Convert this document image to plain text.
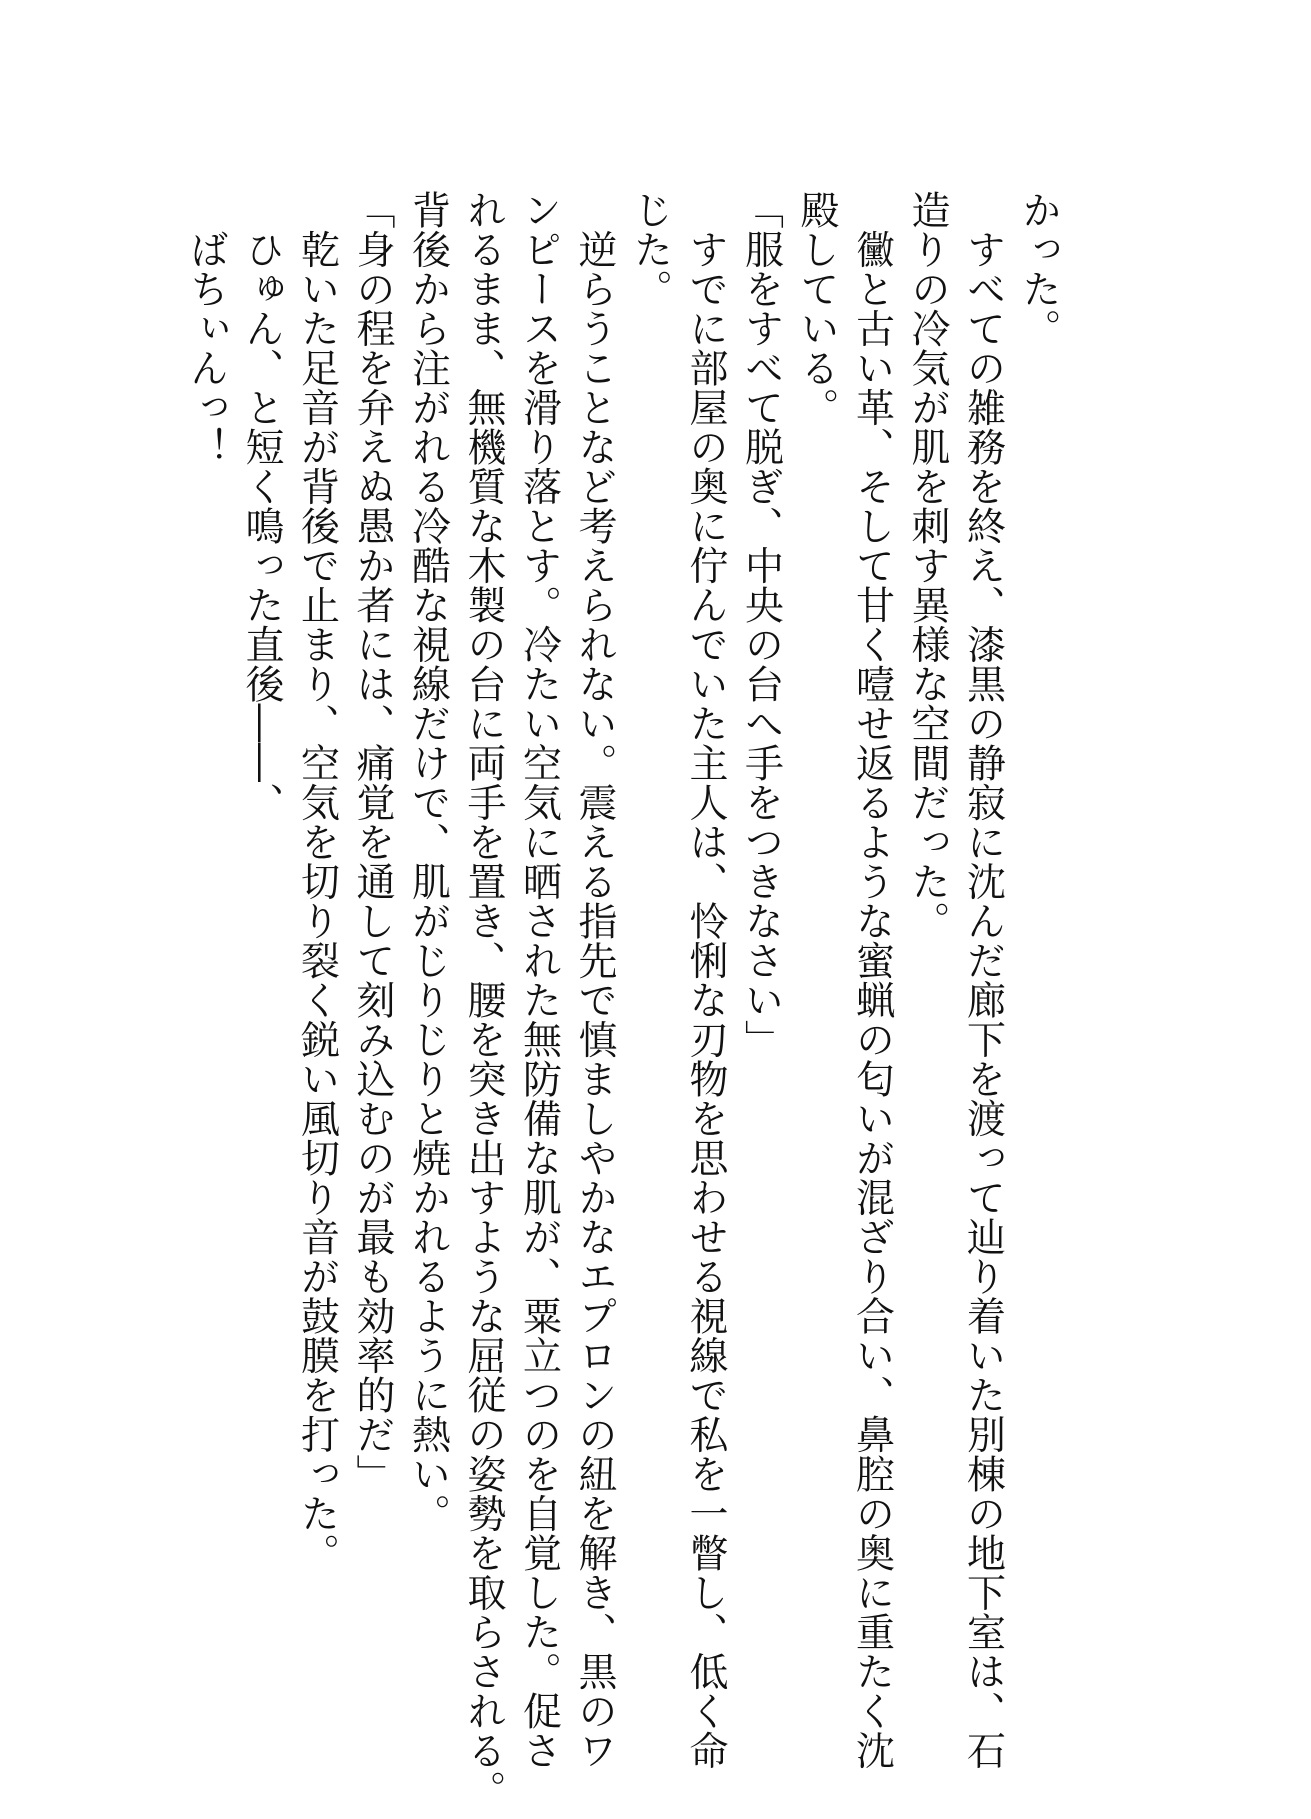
かった。
　すべての雑務を終え、漆黒の静寂に沈んだ廊下を渡って辿り着いた別棟の地下室は、石
造りの冷気が肌を刺す異様な空間だった。
　黴と古い革、そして甘く噎せ返るような蜜蝋の匂いが混ざり合い、鼻腔の奥に重たく沈
殿している。
「服をすべて脱ぎ、中央の台へ手をつきなさい」
　すでに部屋の奥に佇んでいた主人は、怜悧な刃物を思わせる視線で私を一瞥し、低く命
じた。
　逆らうことなど考えられない。震える指先で慎ましやかなエプロンの紐を解き、黒のワ
ンピースを滑り落とす。冷たい空気に晒された無防備な肌が、粟立つのを自覚した。促さ
れるまま、無機質な木製の台に両手を置き、腰を突き出すような屈従の姿勢を取らされる。
背後から注がれる冷酷な視線だけで、肌がじりじりと焼かれるように熱い。
「身の程を弁えぬ愚か者には、痛覚を通して刻み込むのが最も効率的だ」
　乾いた足音が背後で止まり、空気を切り裂く鋭い風切り音が鼓膜を打った。
　ひゅん、と短く鳴った直後――、
　ばちぃんっ！
